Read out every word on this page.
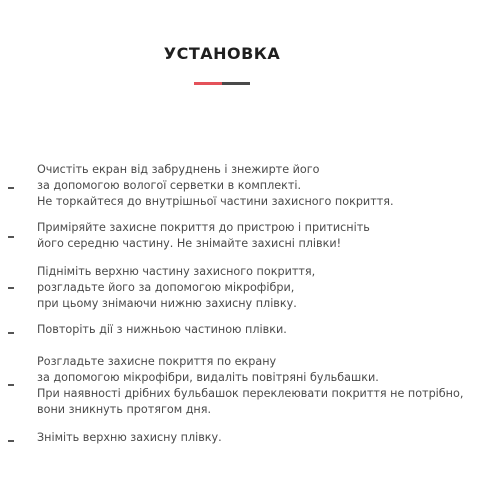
УСТАНОВКА
Очистіть екран від забруднень і знежирте його
за допомогою вологої серветки в комплекті.
Не торкайтеся до внутрішньої частини захисного покриття.
Приміряйте захисне покриття до пристрою і притисніть
його середню частину. Не знімайте захисні плівки!
Підніміть верхню частину захисного покриття,
розгладьте його за допомогою мікрофібри,
при цьому знімаючи нижню захисну плівку.
Повторіть дії з нижньою частиною плівки.
Розгладьте захисне покриття по екрану
за допомогою мікрофібри, видаліть повітряні бульбашки.
При наявності дрібних бульбашок переклеювати покриття не потрібно,
вони зникнуть протягом дня.
Зніміть верхню захисну плівку.
